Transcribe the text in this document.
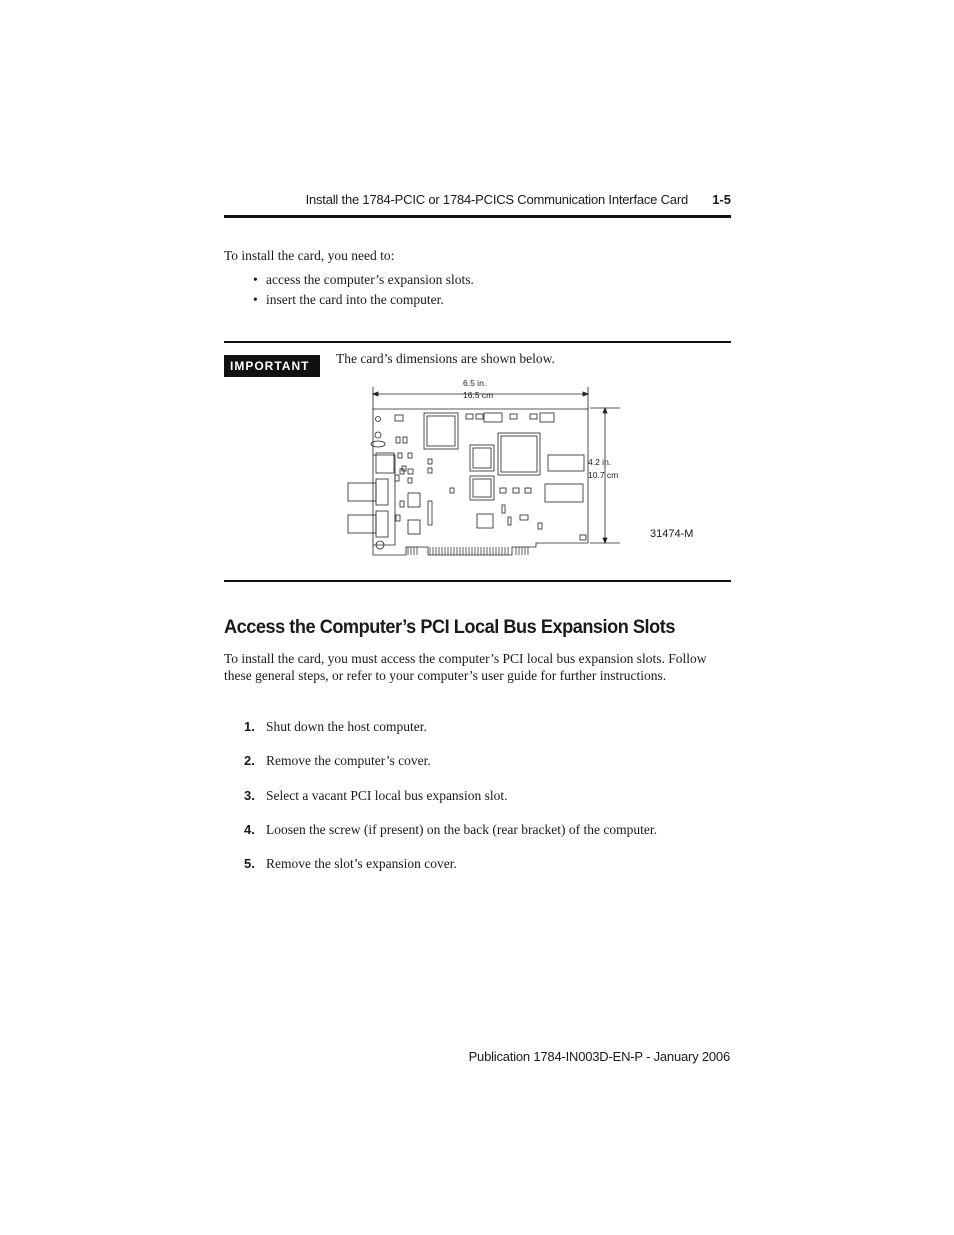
Install the 1784-PCIC or 1784-PCICS Communication Interface Card 1-5

To install the card, you need to:

• access the computer’s expansion slots.
• insert the card into the computer.
IMPORTANT	The card’s dimensions are shown below.
6.5 in.
16.5 cm
4.2 in.
10.7 cm
31474-M
Access the Computer’s PCI Local Bus Expansion Slots

To install the card, you must access the computer’s PCI local bus expansion slots. Follow these general steps, or refer to your computer’s user guide for further instructions.

1. Shut down the host computer.
2. Remove the computer’s cover.
3. Select a vacant PCI local bus expansion slot.
4. Loosen the screw (if present) on the back (rear bracket) of the computer.
5. Remove the slot’s expansion cover.
Publication 1784-IN003D-EN-P - January 2006
